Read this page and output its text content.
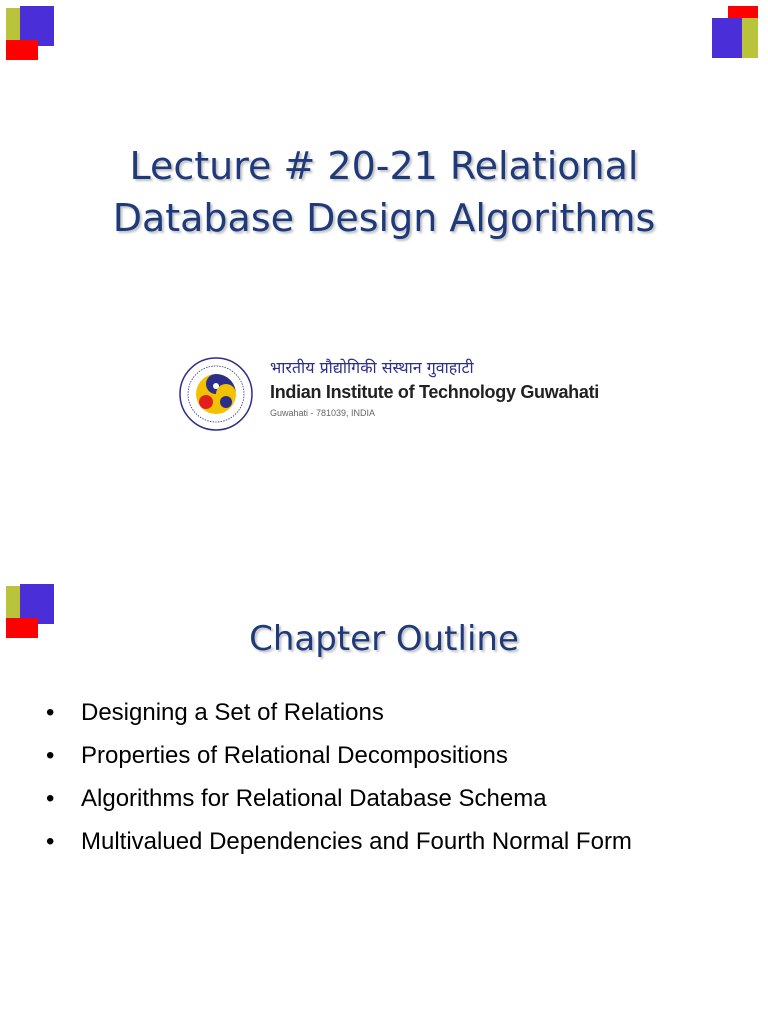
Lecture # 20-21 Relational
Database Design Algorithms
भारतीय प्रौद्योगिकी संस्थान गुवाहाटी
Indian Institute of Technology Guwahati
Guwahati - 781039, INDIA
Chapter Outline
• Designing a Set of Relations
• Properties of Relational Decompositions
• Algorithms for Relational Database Schema
• Multivalued Dependencies and Fourth Normal Form
